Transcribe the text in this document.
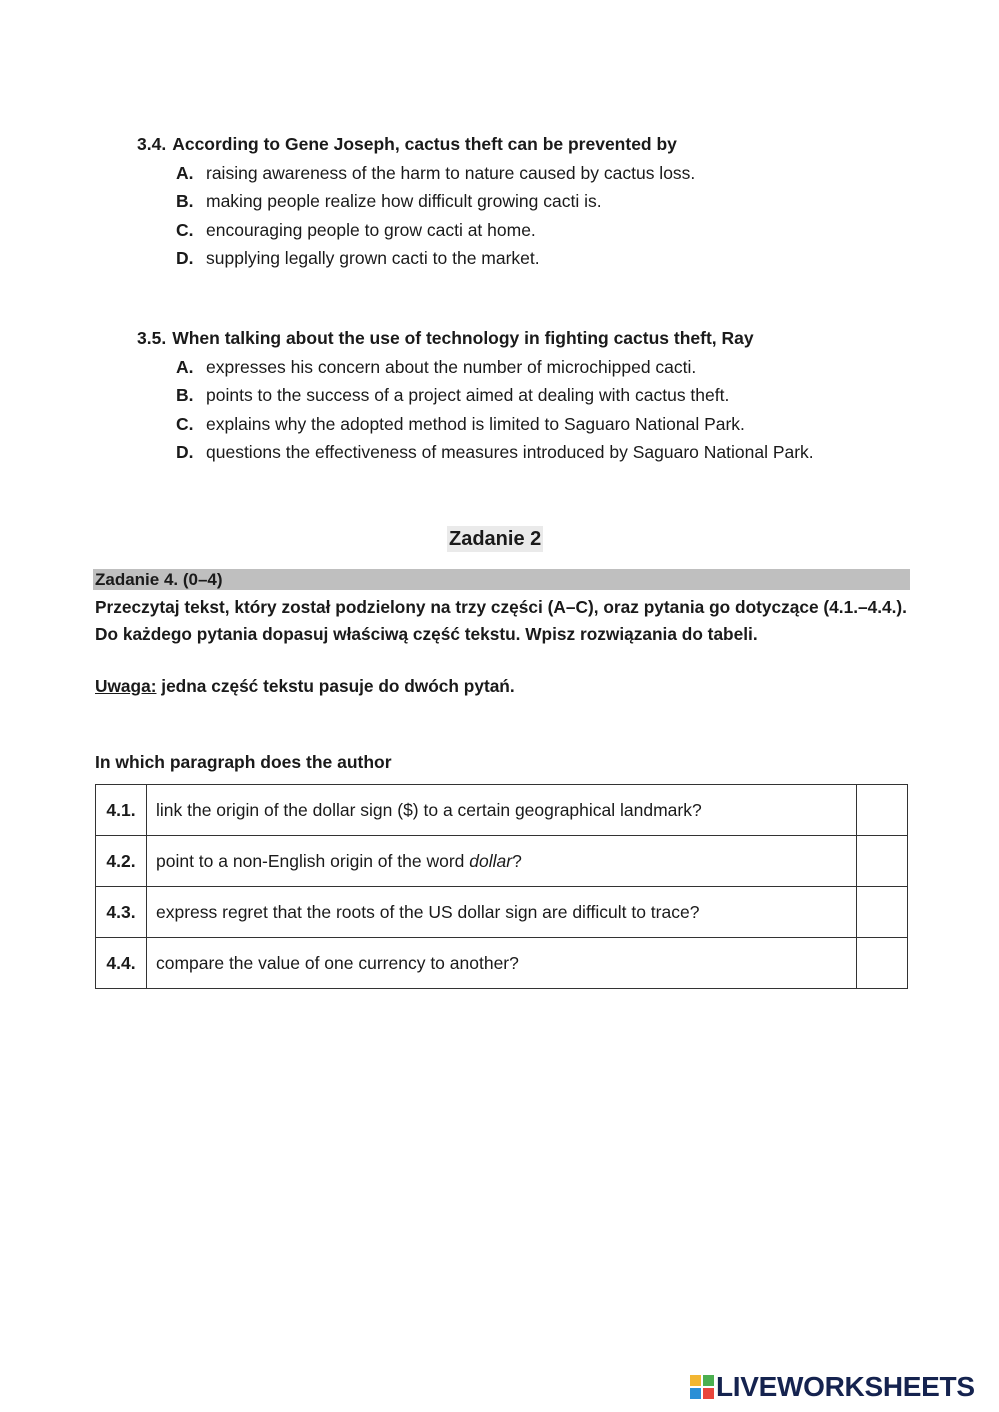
3.4. According to Gene Joseph, cactus theft can be prevented by

A. raising awareness of the harm to nature caused by cactus loss.
B. making people realize how difficult growing cacti is.
C. encouraging people to grow cacti at home.
D. supplying legally grown cacti to the market.

3.5. When talking about the use of technology in fighting cactus theft, Ray

A. expresses his concern about the number of microchipped cacti.
B. points to the success of a project aimed at dealing with cactus theft.
C. explains why the adopted method is limited to Saguaro National Park.
D. questions the effectiveness of measures introduced by Saguaro National Park.
Zadanie 2
Zadanie 4. (0–4)

Przeczytaj tekst, który został podzielony na trzy części (A–C), oraz pytania go dotyczące (4.1.–4.4.). Do każdego pytania dopasuj właściwą część tekstu. Wpisz rozwiązania do tabeli.

Uwaga: jedna część tekstu pasuje do dwóch pytań.
In which paragraph does the author
4.1.	link the origin of the dollar sign ($) to a certain geographical landmark?	
4.2.	point to a non-English origin of the word dollar?	
4.3.	express regret that the roots of the US dollar sign are difficult to trace?	
4.4.	compare the value of one currency to another?	
LIVEWORKSHEETS
